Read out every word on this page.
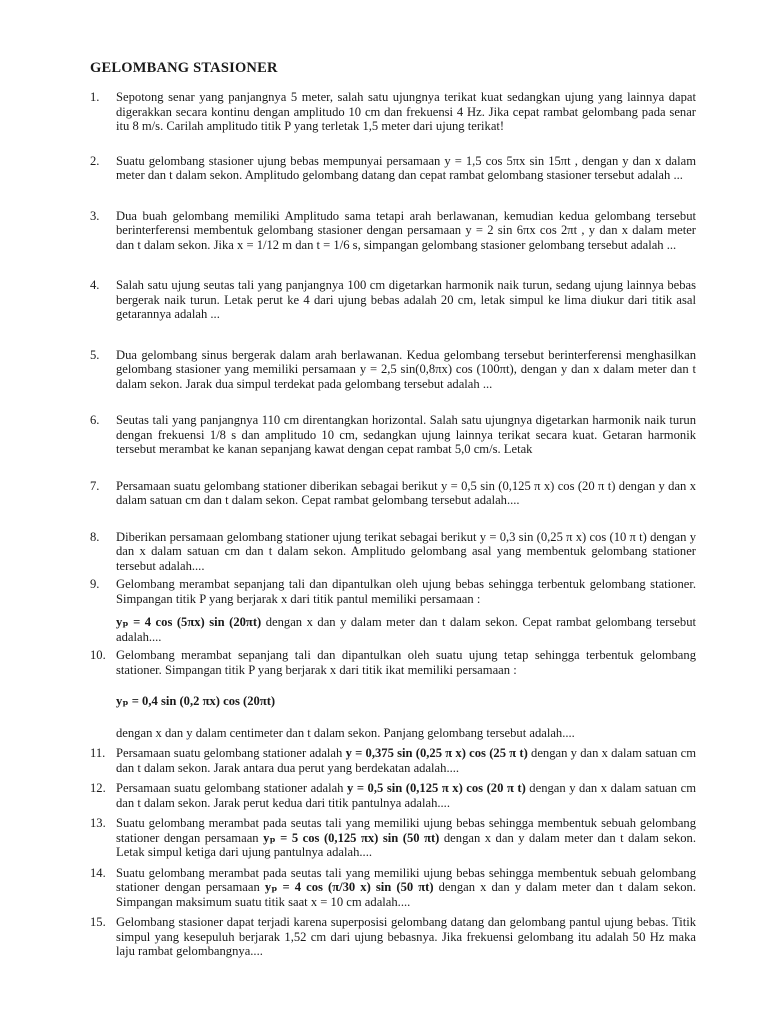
GELOMBANG STASIONER
1.	Sepotong senar yang panjangnya 5 meter, salah satu ujungnya terikat kuat sedangkan ujung yang lainnya dapat digerakkan secara kontinu dengan amplitudo 10 cm dan frekuensi 4 Hz. Jika cepat rambat gelombang pada senar itu 8 m/s. Carilah amplitudo titik P yang terletak 1,5 meter dari ujung terikat!

2.	Suatu gelombang stasioner ujung bebas mempunyai persamaan y = 1,5 cos 5πx sin 15πt , dengan y dan x dalam meter dan t dalam sekon. Amplitudo gelombang datang dan cepat rambat gelombang stasioner tersebut adalah ...

3.	Dua buah gelombang memiliki Amplitudo sama tetapi arah berlawanan, kemudian kedua gelombang tersebut berinterferensi membentuk gelombang stasioner dengan persamaan y = 2 sin 6πx cos 2πt , y dan x dalam meter dan t dalam sekon. Jika x = 1/12 m dan t = 1/6 s, simpangan gelombang stasioner gelombang tersebut adalah ...

4.	Salah satu ujung seutas tali yang panjangnya 100 cm digetarkan harmonik naik turun, sedang ujung lainnya bebas bergerak naik turun. Letak perut ke 4 dari ujung bebas adalah 20 cm, letak simpul ke lima diukur dari titik asal getarannya adalah ...

5.	Dua gelombang sinus bergerak dalam arah berlawanan. Kedua gelombang tersebut berinterferensi menghasilkan gelombang stasioner yang memiliki persamaan y = 2,5 sin(0,8πx) cos (100πt), dengan y dan x dalam meter dan t dalam sekon. Jarak dua simpul terdekat pada gelombang tersebut adalah ...

6.	Seutas tali yang panjangnya 110 cm direntangkan horizontal. Salah satu ujungnya digetarkan harmonik naik turun dengan frekuensi 1/8 s dan amplitudo 10 cm, sedangkan ujung lainnya terikat secara kuat. Getaran harmonik tersebut merambat ke kanan sepanjang kawat dengan cepat rambat 5,0 cm/s. Letak

7.	Persamaan suatu gelombang stationer diberikan sebagai berikut y = 0,5 sin (0,125 π x) cos (20 π t) dengan y dan x dalam satuan cm dan t dalam sekon. Cepat rambat gelombang tersebut adalah....

8.	Diberikan persamaan gelombang stationer ujung terikat sebagai berikut y = 0,3 sin (0,25 π x) cos (10 π t) dengan y dan x dalam satuan cm dan t dalam sekon. Amplitudo gelombang asal yang membentuk gelombang stationer tersebut adalah....

9.	Gelombang merambat sepanjang tali dan dipantulkan oleh ujung bebas sehingga terbentuk gelombang stationer. Simpangan titik P yang berjarak x dari titik pantul memiliki persamaan :

yₚ = 4 cos (5πx) sin (20πt) dengan x dan y dalam meter dan t dalam sekon. Cepat rambat gelombang tersebut adalah....

10. Gelombang merambat sepanjang tali dan dipantulkan oleh suatu ujung tetap sehingga terbentuk gelombang stationer. Simpangan titik P yang berjarak x dari titik ikat memiliki persamaan :

yₚ = 0,4 sin (0,2 πx) cos (20πt)

dengan x dan y dalam centimeter dan t dalam sekon. Panjang gelombang tersebut adalah....

11. Persamaan suatu gelombang stationer adalah y = 0,375 sin (0,25 π x) cos (25 π t) dengan y dan x dalam satuan cm dan t dalam sekon. Jarak antara dua perut yang berdekatan adalah....

12. Persamaan suatu gelombang stationer adalah y = 0,5 sin (0,125 π x) cos (20 π t) dengan y dan x dalam satuan cm dan t dalam sekon. Jarak perut kedua dari titik pantulnya adalah....

13. Suatu gelombang merambat pada seutas tali yang memiliki ujung bebas sehingga membentuk sebuah gelombang stationer dengan persamaan yₚ = 5 cos (0,125 πx) sin (50 πt) dengan x dan y dalam meter dan t dalam sekon. Letak simpul ketiga dari ujung pantulnya adalah....

14. Suatu gelombang merambat pada seutas tali yang memiliki ujung bebas sehingga membentuk sebuah gelombang stationer dengan persamaan yₚ = 4 cos (π/30 x) sin (50 πt) dengan x dan y dalam meter dan t dalam sekon. Simpangan maksimum suatu titik saat x = 10 cm adalah....

15. Gelombang stasioner dapat terjadi karena superposisi gelombang datang dan gelombang pantul ujung bebas. Titik simpul yang kesepuluh berjarak 1,52 cm dari ujung bebasnya. Jika frekuensi gelombang itu adalah 50 Hz maka laju rambat gelombangnya....
